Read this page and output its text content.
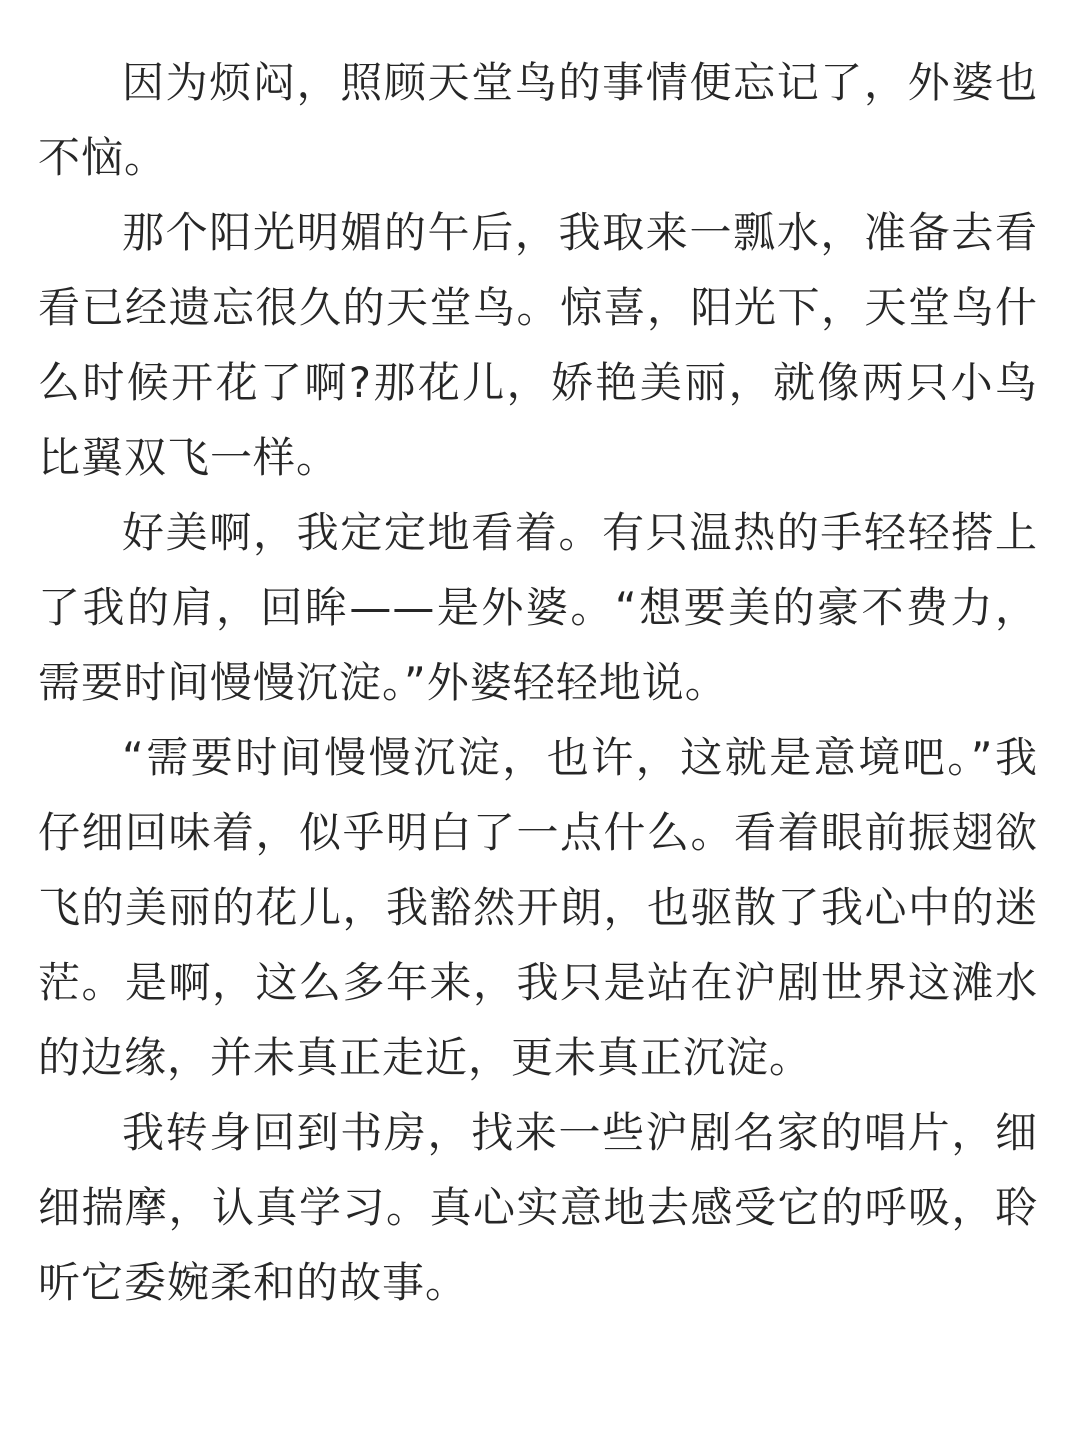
因为烦闷，照顾天堂鸟的事情便忘记了，外婆也不恼。

那个阳光明媚的午后，我取来一瓢水，准备去看看已经遗忘很久的天堂鸟。惊喜，阳光下，天堂鸟什么时候开花了啊?那花儿，娇艳美丽，就像两只小鸟比翼双飞一样。

好美啊，我定定地看着。有只温热的手轻轻搭上了我的肩，回眸——是外婆。“想要美的豪不费力，需要时间慢慢沉淀。”外婆轻轻地说。

“需要时间慢慢沉淀，也许，这就是意境吧。”我仔细回味着，似乎明白了一点什么。看着眼前振翅欲飞的美丽的花儿，我豁然开朗，也驱散了我心中的迷茫。是啊，这么多年来，我只是站在沪剧世界这滩水的边缘，并未真正走近，更未真正沉淀。

我转身回到书房，找来一些沪剧名家的唱片，细细揣摩，认真学习。真心实意地去感受它的呼吸，聆听它委婉柔和的故事。
